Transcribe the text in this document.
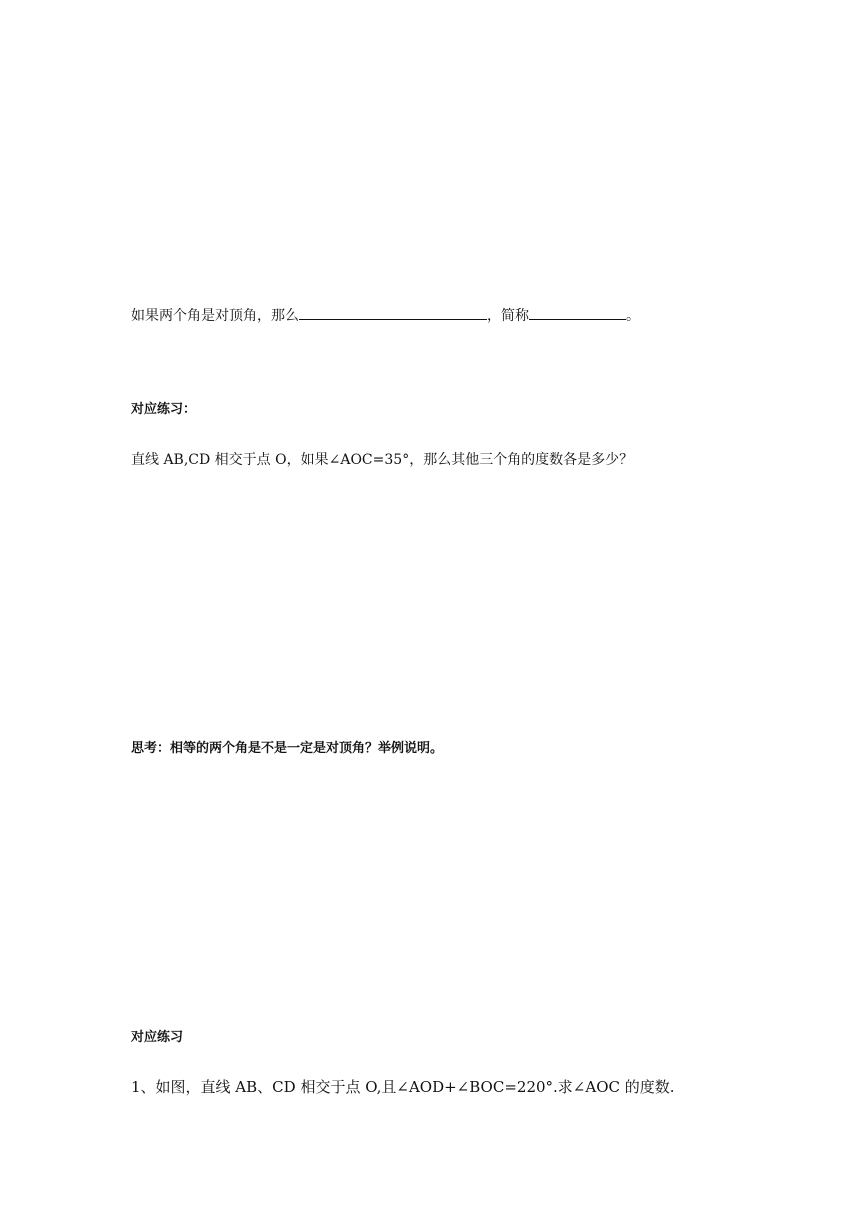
如果两个角是对顶角，那么	，简称	。
对应练习：
直线 AB,CD 相交于点 O，如果∠AOC=35°，那么其他三个角的度数各是多少？
思考：相等的两个角是不是一定是对顶角？举例说明。
对应练习
1、如图，直线 AB、CD 相交于点 O,且∠AOD+∠BOC=220°.求∠AOC 的度数.
